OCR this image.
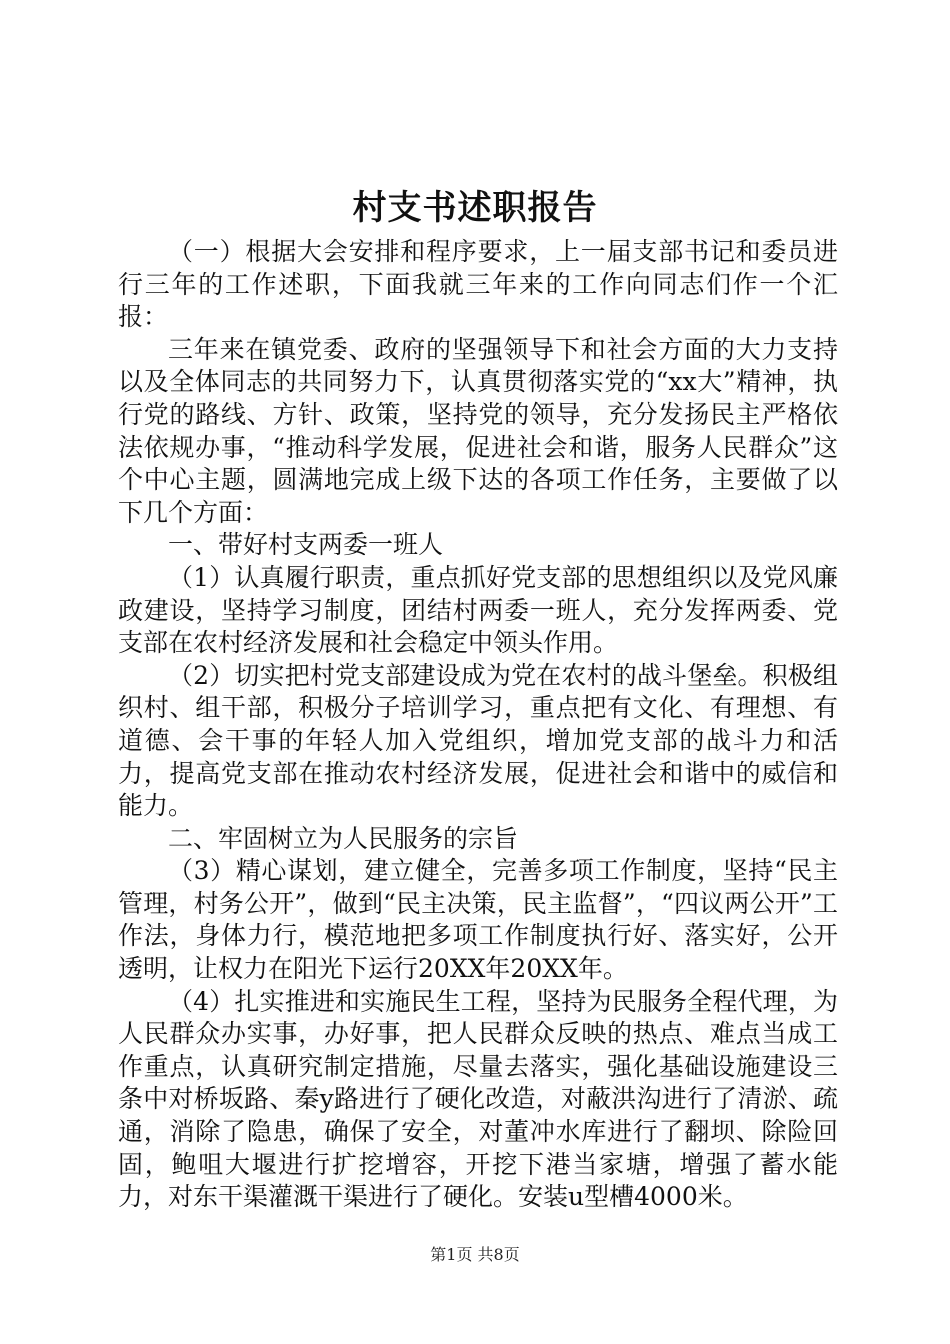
村支书述职报告

（一）根据大会安排和程序要求，上一届支部书记和委员进行三年的工作述职，下面我就三年来的工作向同志们作一个汇报：

三年来在镇党委、政府的坚强领导下和社会方面的大力支持以及全体同志的共同努力下，认真贯彻落实党的“xx大”精神，执行党的路线、方针、政策，坚持党的领导，充分发扬民主严格依法依规办事，“推动科学发展，促进社会和谐，服务人民群众”这个中心主题，圆满地完成上级下达的各项工作任务，主要做了以下几个方面：

一、带好村支两委一班人

（1）认真履行职责，重点抓好党支部的思想组织以及党风廉政建设，坚持学习制度，团结村两委一班人，充分发挥两委、党支部在农村经济发展和社会稳定中领头作用。

（2）切实把村党支部建设成为党在农村的战斗堡垒。积极组织村、组干部，积极分子培训学习，重点把有文化、有理想、有道德、会干事的年轻人加入党组织，增加党支部的战斗力和活力，提高党支部在推动农村经济发展，促进社会和谐中的威信和能力。

二、牢固树立为人民服务的宗旨

（3）精心谋划，建立健全，完善多项工作制度，坚持“民主管理，村务公开”，做到“民主决策，民主监督”，“四议两公开”工作法，身体力行，模范地把多项工作制度执行好、落实好，公开透明，让权力在阳光下运行20XX年20XX年。

（4）扎实推进和实施民生工程，坚持为民服务全程代理，为人民群众办实事，办好事，把人民群众反映的热点、难点当成工作重点，认真研究制定措施，尽量去落实，强化基础设施建设三条中对桥坂路、秦y路进行了硬化改造，对蔽洪沟进行了清淤、疏通，消除了隐患，确保了安全，对董冲水库进行了翻坝、除险回固，鲍咀大堰进行扩挖增容，开挖下港当家塘，增强了蓄水能力，对东干渠灌溉干渠进行了硬化。安装u型槽4000米。

第1页 共8页
